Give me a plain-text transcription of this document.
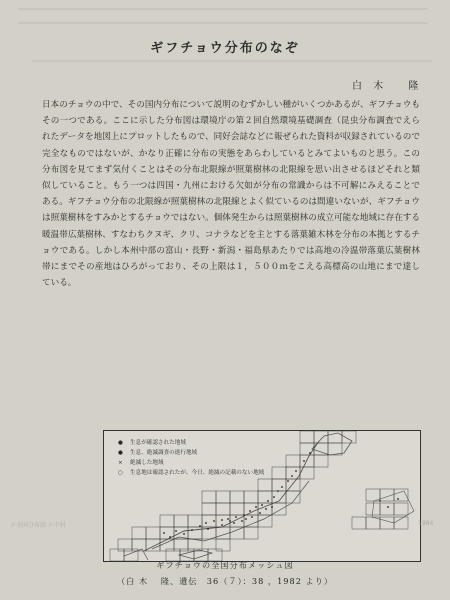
ギフチョウ分布のなぞ
白 木 　隆

日本のチョウの中で、その国内分布について説明のむずかしい種がいくつかあるが、ギフチョウもその一つである。ここに示した分布図は環境庁の第２回自然環境基礎調査（昆虫分布調査でえられたデータを地図上にプロットしたもので、同好会誌などに報ぜられた資料が収録されているので完全なものではないが、かなり正確に分布の実態をあらわしているとみてよいものと思う。この分布図を見てまず気付くことはその分布北限線が照葉樹林の北限線を思い出させるほどそれと類似していること。もう一つは四国・九州における欠如が分布の常識からは不可解にみえることである。ギフチョウ分布の北限線が照葉樹林の北限線とよく似ているのは間違いないが、ギフチョウは照葉樹林をすみかとするチョウではない。個体発生からは照葉樹林の成立可能な地域に存在する暖温帯広葉樹林、すなわちクヌギ、クリ、コナラなどを主とする落葉雑木林を分布の本拠とするチョウである。しかし本州中部の富山・長野・新潟・福島県あたりでは高地の冷温帯落葉広葉樹林帯にまでその産地はひろがっており、その上限は１，５００ｍをこえる高標高の山地にまで達している。

●	生息が確認された地域
●	生息、絶滅調査の進行地域
×	絶滅した地域
○	生息地は確認されたが、今日、絶滅の記載のない地域
ギフチョウの全国分布メッシュ図
（白 木 　隆、遺伝　36（７）：38 ，1982 より）
＊全国分布図 ＊中村	1984
